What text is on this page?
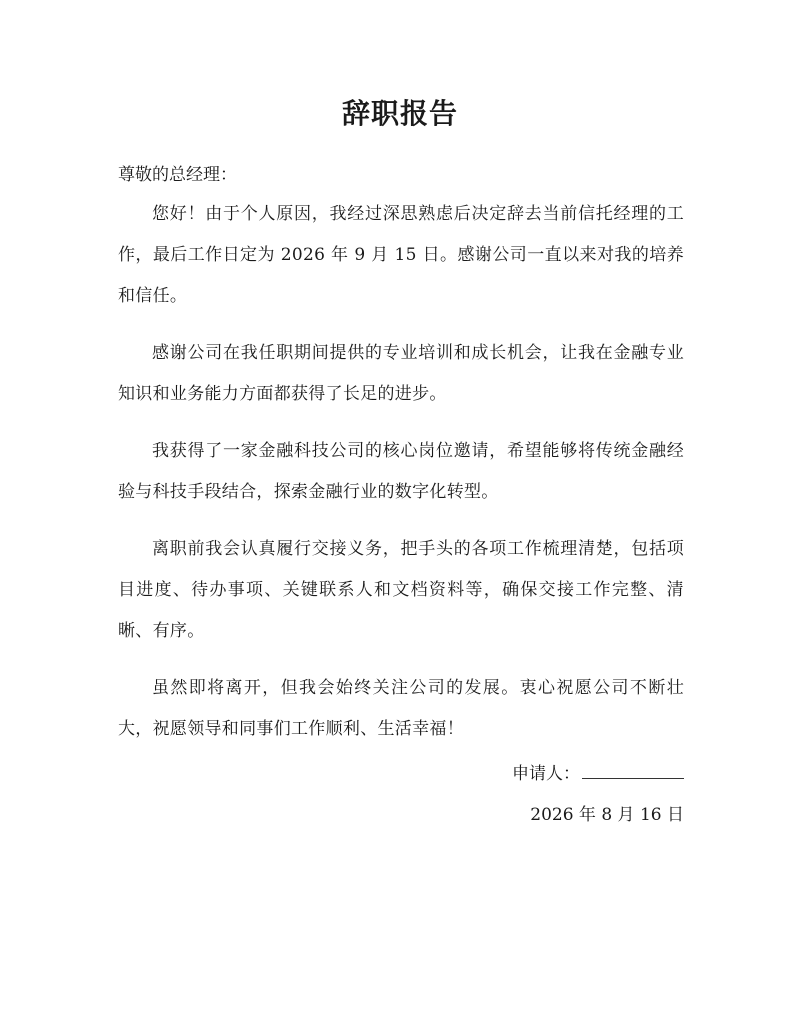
辞职报告
尊敬的总经理：

您好！由于个人原因，我经过深思熟虑后决定辞去当前信托经理的工作，最后工作日定为 2026 年 9 月 15 日。感谢公司一直以来对我的培养和信任。

感谢公司在我任职期间提供的专业培训和成长机会，让我在金融专业知识和业务能力方面都获得了长足的进步。

我获得了一家金融科技公司的核心岗位邀请，希望能够将传统金融经验与科技手段结合，探索金融行业的数字化转型。

离职前我会认真履行交接义务，把手头的各项工作梳理清楚，包括项目进度、待办事项、关键联系人和文档资料等，确保交接工作完整、清晰、有序。

虽然即将离开，但我会始终关注公司的发展。衷心祝愿公司不断壮大，祝愿领导和同事们工作顺利、生活幸福！

申请人：
2026 年 8 月 16 日
